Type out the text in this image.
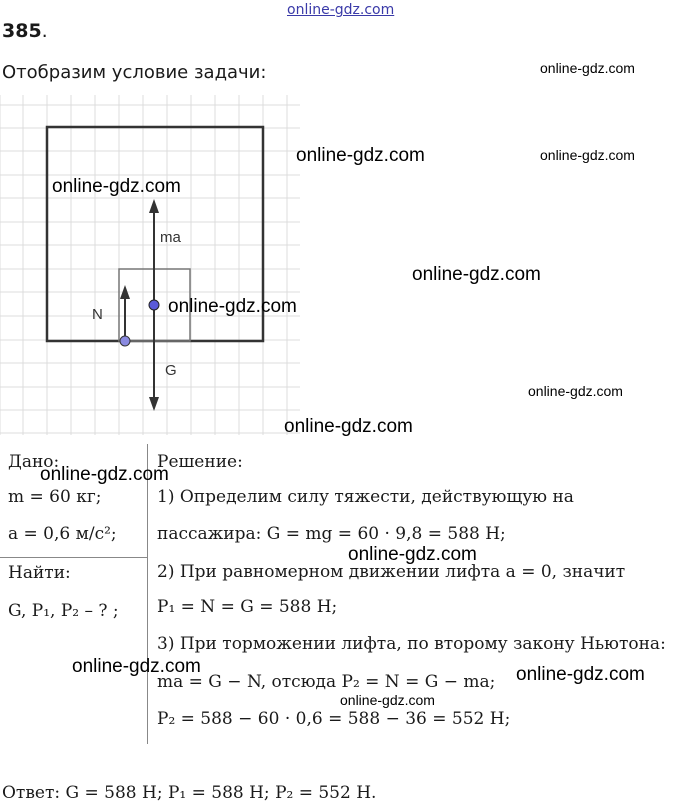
online-gdz.com
385.
Отобразим условие задачи:
ma
N
G
Дано:
m = 60 кг;
a = 0,6 м/с²;
Найти:
G, P₁, P₂ – ? ;
Решение:
1) Определим силу тяжести, действующую на
пассажира: G = mg = 60 · 9,8 = 588 Н;
2) При равномерном движении лифта a = 0, значит
P₁ = N = G = 588 Н;
3) При торможении лифта, по второму закону Ньютона:
ma = G − N, отсюда P₂ = N = G − ma;
P₂ = 588 − 60 · 0,6 = 588 − 36 = 552 Н;
Ответ: G = 588 Н; P₁ = 588 Н; P₂ = 552 Н.
online-gdz.com
online-gdz.com	online-gdz.com
online-gdz.com
online-gdz.com
online-gdz.com
online-gdz.com
online-gdz.com
online-gdz.com
online-gdz.com
online-gdz.com	online-gdz.com
online-gdz.com
